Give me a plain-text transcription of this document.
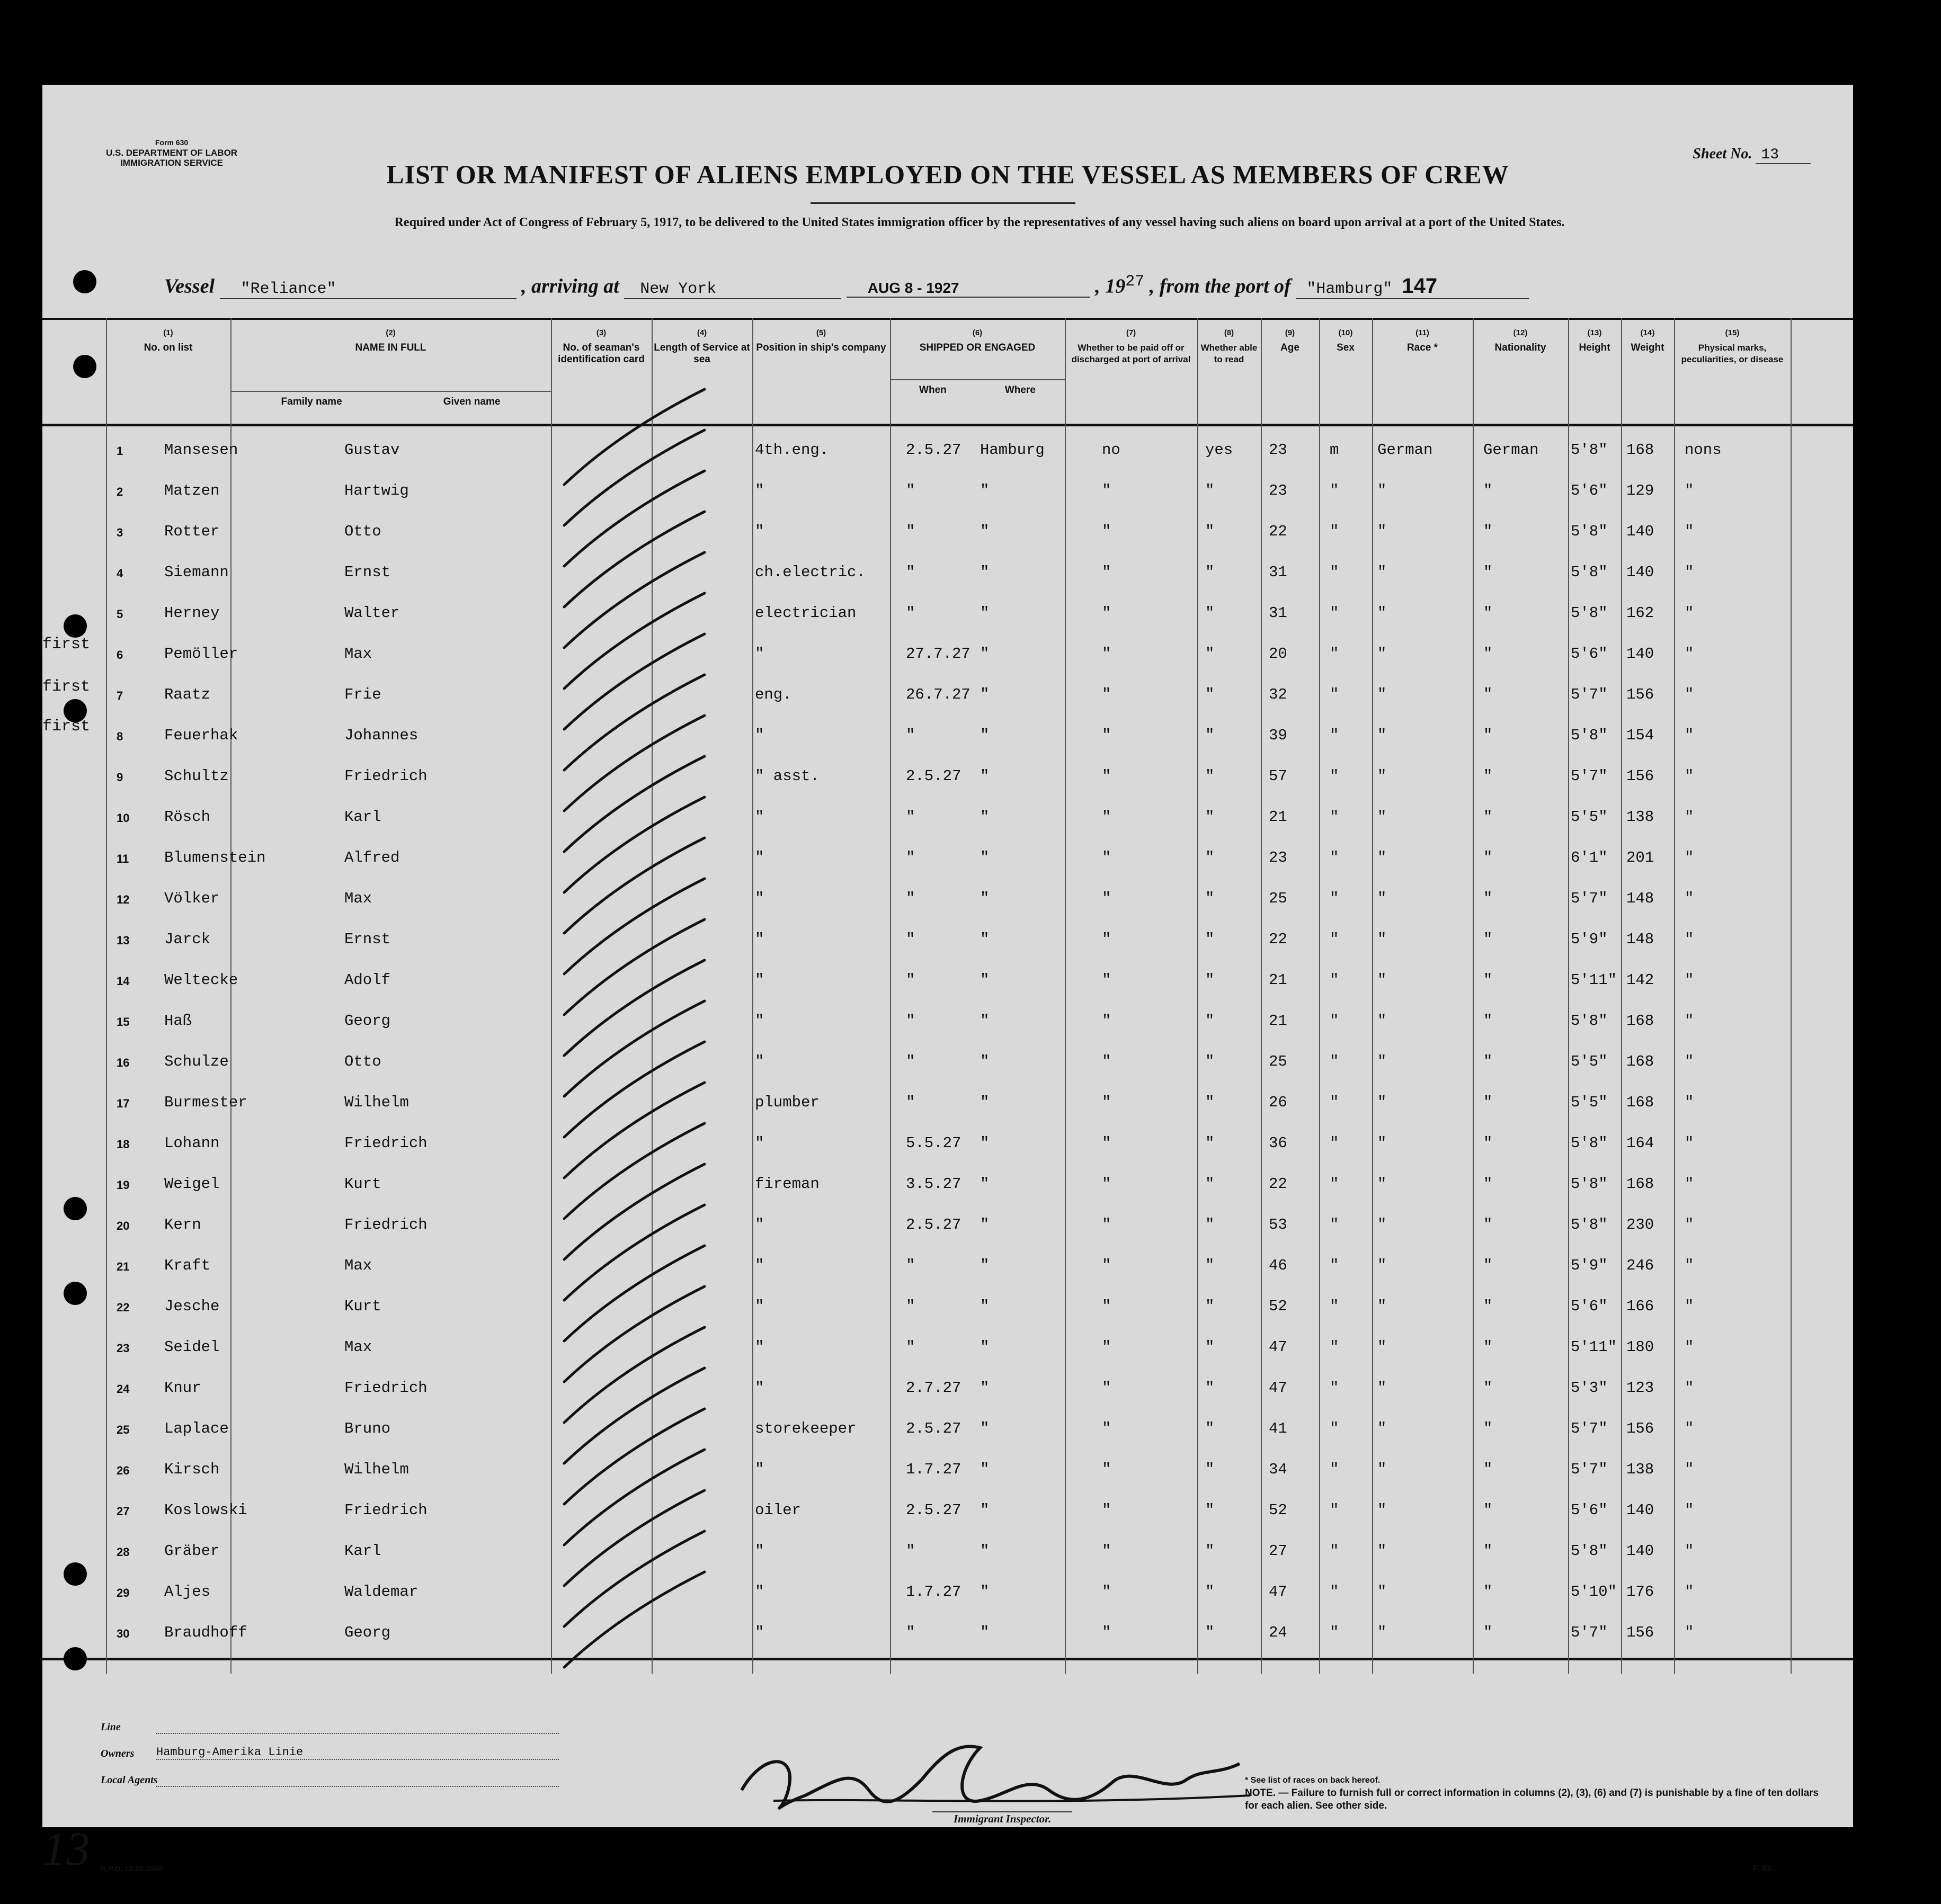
Form 630
U.S. DEPARTMENT OF LABOR
IMMIGRATION SERVICE
Sheet No. 13
LIST OR MANIFEST OF ALIENS EMPLOYED ON THE VESSEL AS MEMBERS OF CREW
Required under Act of Congress of February 5, 1917, to be delivered to the United States immigration officer by the representatives of any vessel having such aliens on board upon arrival at a port of the United States.
Vessel "Reliance"	, arriving at New York	AUG 8 - 1927	, $19^{27}$ , from the port of "Hamburg" 147
(1)
No. on list
(2)
NAME IN FULL
Family name	Given name
(3)
No. of seaman's identification card
(4)
Length of Service at sea
(5)
Position in ship's company
(6)
SHIPPED OR ENGAGED
When	Where
(7)
Whether to be paid off or discharged at port of arrival
(8)
Whether able to read
(9)
Age
(10)
Sex
(11)
Race *
(12)
Nationality
(13)
Height
(14)
Weight
(15)
Physical marks, peculiarities, or disease
1	Mansesen	Gustav	4th.eng.	2.5.27 Hamburg	no	yes 23	m	German	German 5'8" 168 nons
2	Matzen	Hartwig	"	"	"	"	"	23	"	"	"	5'6" 129 "
3	Rotter	Otto	"	"	"	"	"	22	"	"	"	5'8" 140 "
4	Siemann	Ernst	ch.electric.	"	"	"	"	31	"	"	"	5'8" 140 "
5	Herney	Walter	electrician	"	"	"	"	31	"	"	"	5'8" 162 "
6	Pemöller	Max	"	27.7.27 "	"	"	20	"	"	"	5'6" 140 "
7	Raatz	Frie	eng.	26.7.27 "	"	"	32	"	"	"	5'7" 156 "
8	Feuerhak	Johannes	"	"	"	"	"	39	"	"	"	5'8" 154 "
9	Schultz	Friedrich	" asst.	2.5.27 "	"	"	57	"	"	"	5'7" 156 "
10 Rösch	Karl	"	"	"	"	"	21	"	"	"	5'5" 138 "
11 Blumenstein	Alfred	"	"	"	"	"	23	"	"	"	6'1" 201 "
12 Völker	Max	"	"	"	"	"	25	"	"	"	5'7" 148 "
13 Jarck	Ernst	"	"	"	"	"	22	"	"	"	5'9" 148 "
14 Weltecke	Adolf	"	"	"	"	"	21	"	"	"	5'11" 142 "
15 Haß	Georg	"	"	"	"	"	21	"	"	"	5'8" 168 "
16 Schulze	Otto	"	"	"	"	"	25	"	"	"	5'5" 168 "
17 Burmester	Wilhelm	plumber	"	"	"	"	26	"	"	"	5'5" 168 "
18 Lohann	Friedrich	"	5.5.27 "	"	"	36	"	"	"	5'8" 164 "
19 Weigel	Kurt	fireman	3.5.27 "	"	"	22	"	"	"	5'8" 168 "
20 Kern	Friedrich	"	2.5.27 "	"	"	53	"	"	"	5'8" 230 "
21 Kraft	Max	"	"	"	"	"	46	"	"	"	5'9" 246 "
22 Jesche	Kurt	"	"	"	"	"	52	"	"	"	5'6" 166 "
23 Seidel	Max	"	"	"	"	"	47	"	"	"	5'11" 180 "
24 Knur	Friedrich	"	2.7.27 "	"	"	47	"	"	"	5'3" 123 "
25 Laplace	Bruno	storekeeper	2.5.27 "	"	"	41	"	"	"	5'7" 156 "
26 Kirsch	Wilhelm	"	1.7.27 "	"	"	34	"	"	"	5'7" 138 "
27 Koslowski	Friedrich	oiler	2.5.27 "	"	"	52	"	"	"	5'6" 140 "
28 Gräber	Karl	"	"	"	"	"	27	"	"	"	5'8" 140 "
29 Aljes	Waldemar	"	1.7.27 "	"	"	47	"	"	"	5'10" 176 "
30 Braudhoff	Georg	"	"	"	"	"	24	"	"	"	5'7" 156 "
Line
Owners Hamburg-Amerika Linie
Local Agents
Immigrant Inspector.
* See list of races on back hereof.
NOTE. — Failure to furnish full or correct information in columns (2), (3), (6) and (7) is punishable by a fine of ten dollars for each alien. See other side.
13 G.P.O. 12-26-2060	F. 53.
first
first
first
